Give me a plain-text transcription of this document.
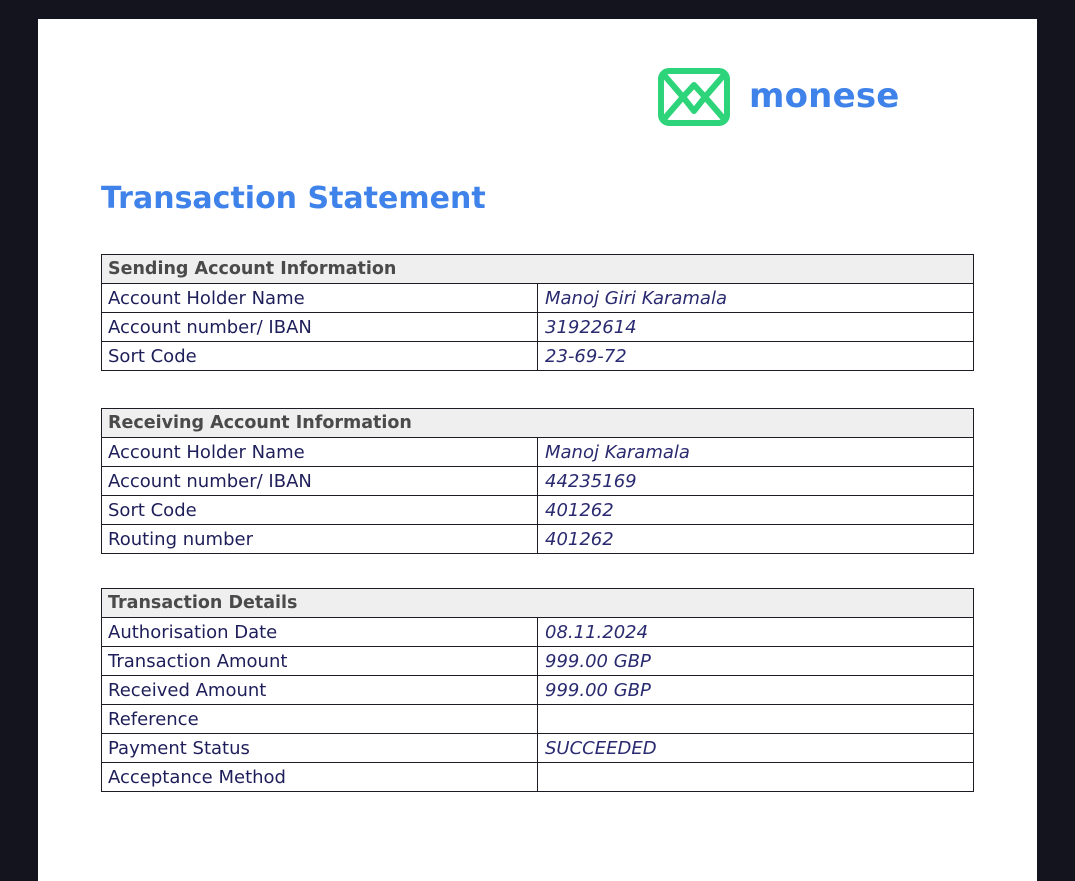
monese
Transaction Statement
Sending Account Information	
Account Holder Name	Manoj Giri Karamala
Account number/ IBAN	31922614
Sort Code	23-69-72
Receiving Account Information	
Account Holder Name	Manoj Karamala
Account number/ IBAN	44235169
Sort Code	401262
Routing number	401262
Transaction Details	
Authorisation Date	08.11.2024
Transaction Amount	999.00 GBP
Received Amount	999.00 GBP
Reference	
Payment Status	SUCCEEDED
Acceptance Method	
